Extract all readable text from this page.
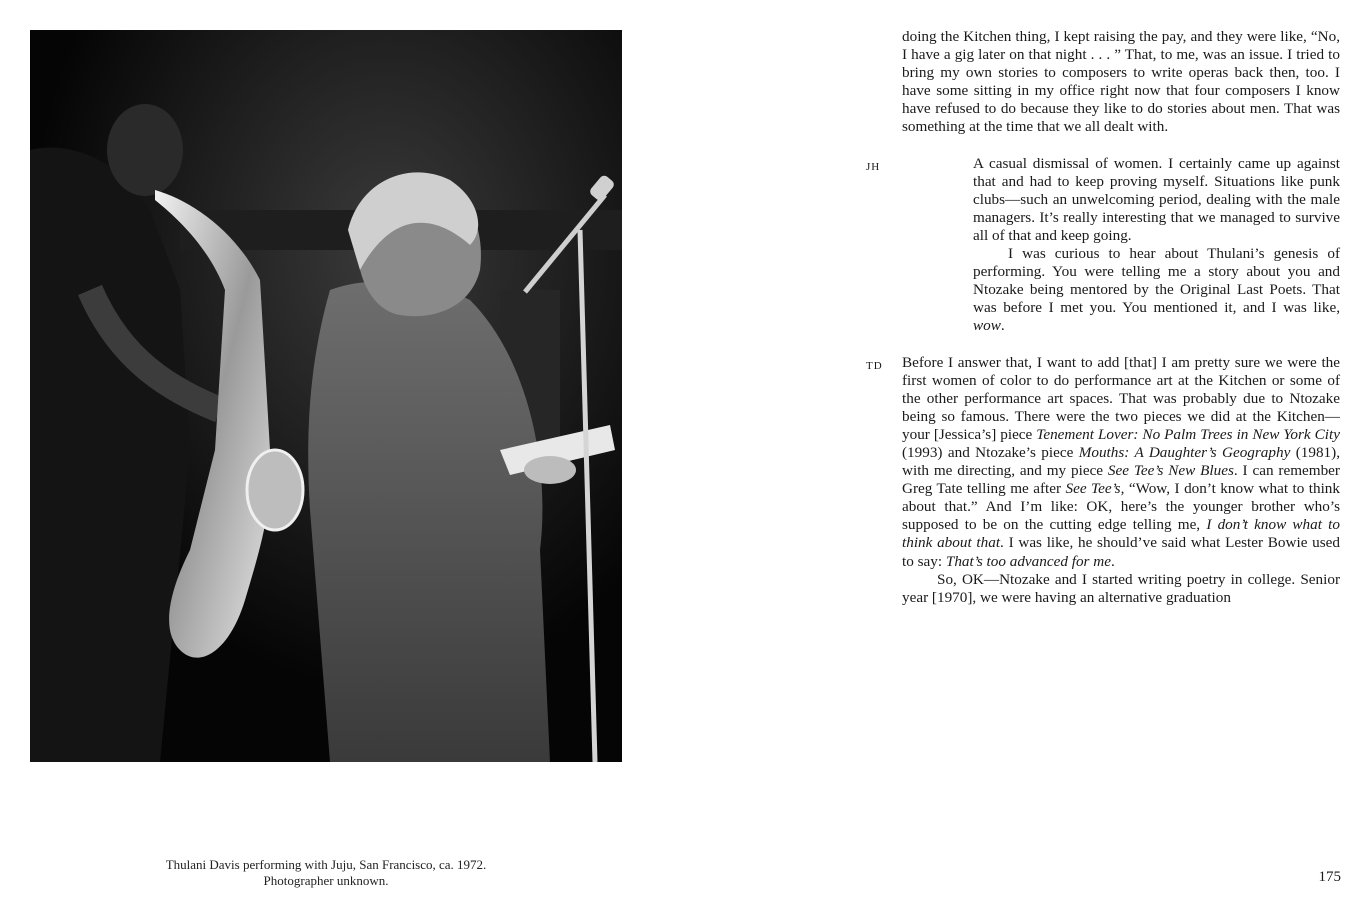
Thulani Davis performing with Juju, San Francisco, ca. 1972.
Photographer unknown.

doing the Kitchen thing, I kept raising the pay, and they were like, “No, I have a gig later on that night . . . ” That, to me, was an issue. I tried to bring my own stories to composers to write operas back then, too. I have some sitting in my office right now that four composers I know have refused to do because they like to do stories about men. That was something at the time that we all dealt with.

JH	A casual dismissal of women. I certainly came up against that and had to keep proving myself. Situations like punk clubs—such an unwelcoming period, dealing with the male managers. It’s really interesting that we managed to survive all of that and keep going.

I was curious to hear about Thulani’s genesis of performing. You were telling me a story about you and Ntozake being mentored by the Original Last Poets. That was before I met you. You mentioned it, and I was like, wow.

TD Before I answer that, I want to add [that] I am pretty sure we were the first women of color to do performance art at the Kitchen or some of the other performance art spaces. That was probably due to Ntozake being so famous. There were the two pieces we did at the Kitchen—your [Jessica’s] piece Tenement Lover: No Palm Trees in New York City (1993) and Ntozake’s piece Mouths: A Daughter’s Geography (1981), with me directing, and my piece See Tee’s New Blues. I can remember Greg Tate telling me after See Tee’s, “Wow, I don’t know what to think about that.” And I’m like: OK, here’s the younger brother who’s supposed to be on the cutting edge telling me, I don’t know what to think about that. I was like, he should’ve said what Lester Bowie used to say: That’s too advanced for me.

So, OK—Ntozake and I started writing poetry in college. Senior year [1970], we were having an alternative graduation

175
